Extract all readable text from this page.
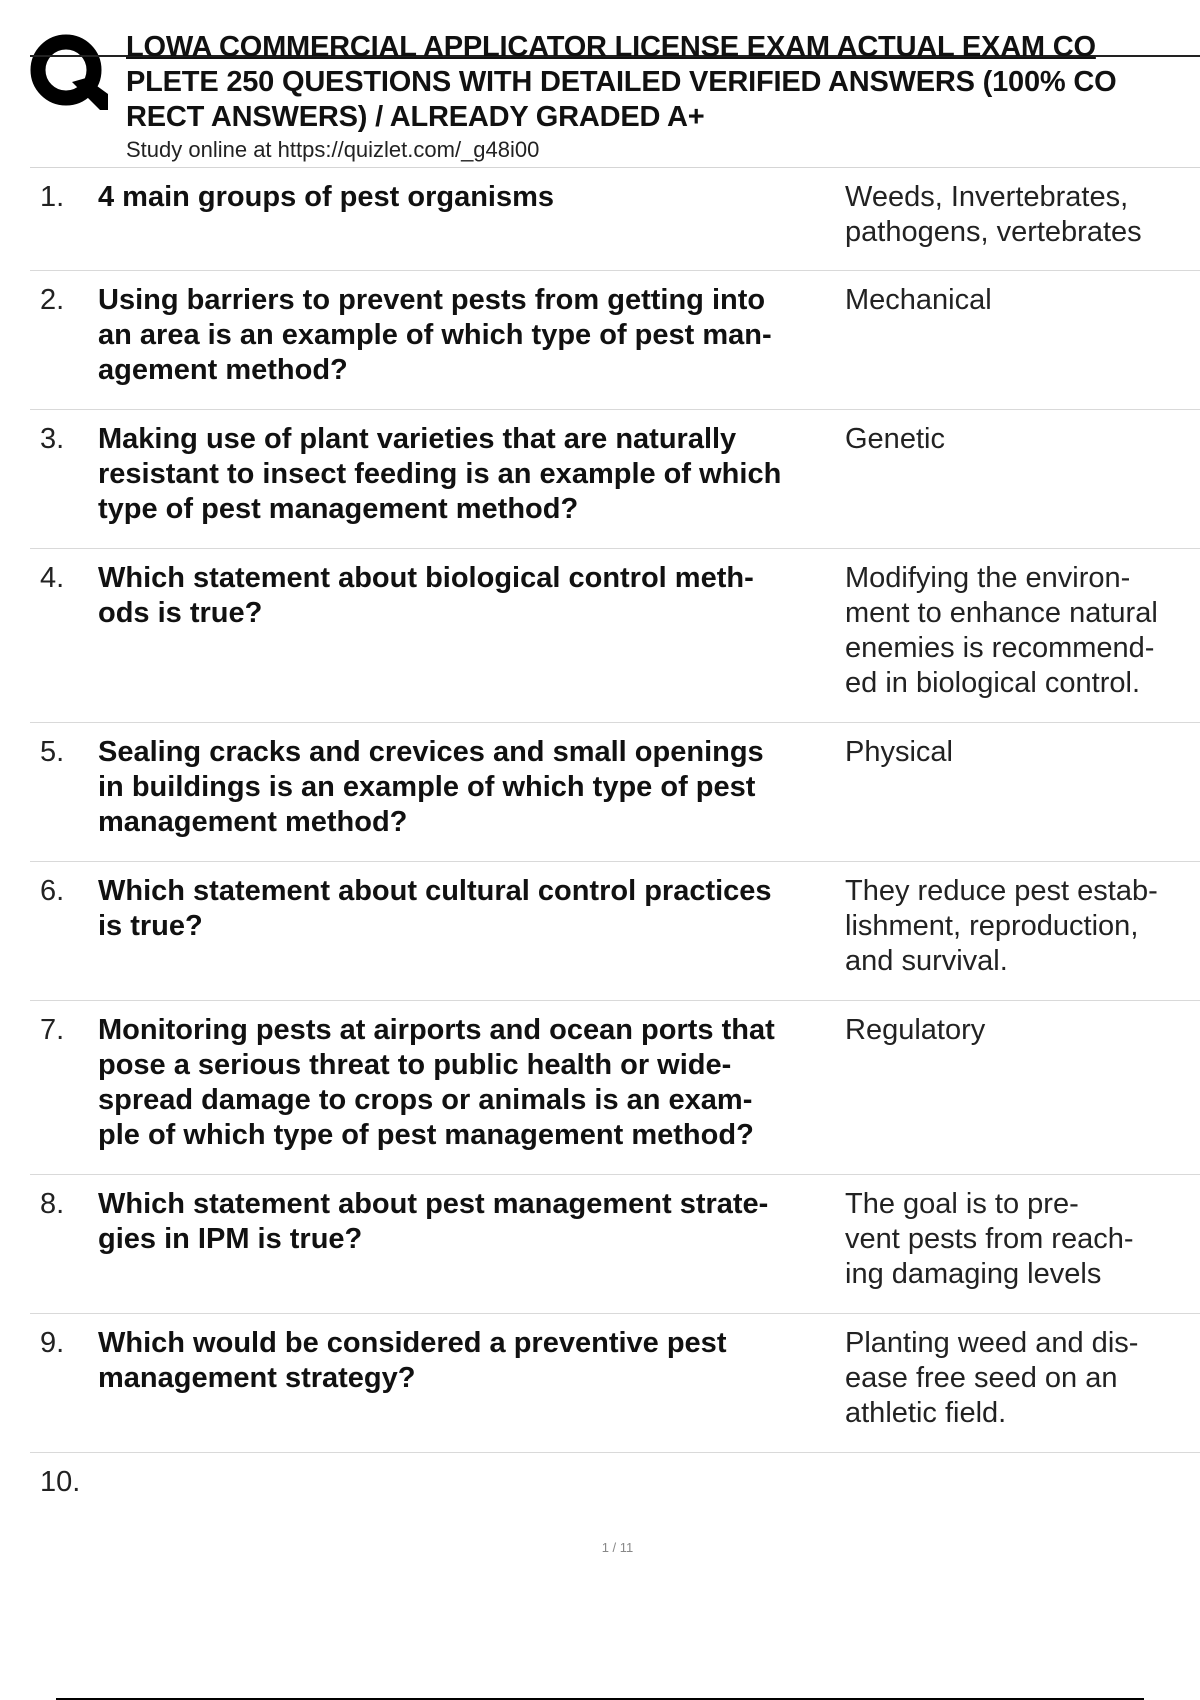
LOWA COMMERCIAL APPLICATOR LICENSE EXAM ACTUAL EXAM CO
PLETE 250 QUESTIONS WITH DETAILED VERIFIED ANSWERS (100% CO
RECT ANSWERS) / ALREADY GRADED A+
Study online at https://quizlet.com/_g48i00
1. 4 main groups of pest organisms	Weeds, Invertebrates,
pathogens, vertebrates
2. Using barriers to prevent pests from getting into
an area is an example of which type of pest man-
agement method?
Mechanical
3. Making use of plant varieties that are naturally
resistant to insect feeding is an example of which
type of pest management method?
Genetic
4. Which statement about biological control meth-
ods is true?
Modifying the environ-
ment to enhance natural
enemies is recommend-
ed in biological control.
5. Sealing cracks and crevices and small openings
in buildings is an example of which type of pest
management method?
Physical
6. Which statement about cultural control practices
is true?
They reduce pest estab-
lishment, reproduction,
and survival.
7. Monitoring pests at airports and ocean ports that
pose a serious threat to public health or wide-
spread damage to crops or animals is an exam-
ple of which type of pest management method?
Regulatory
8. Which statement about pest management strate-
gies in IPM is true?
The goal is to pre-
vent pests from reach-
ing damaging levels
9. Which would be considered a preventive pest
management strategy?
Planting weed and dis-
ease free seed on an
athletic field.
10.
1 / 11
